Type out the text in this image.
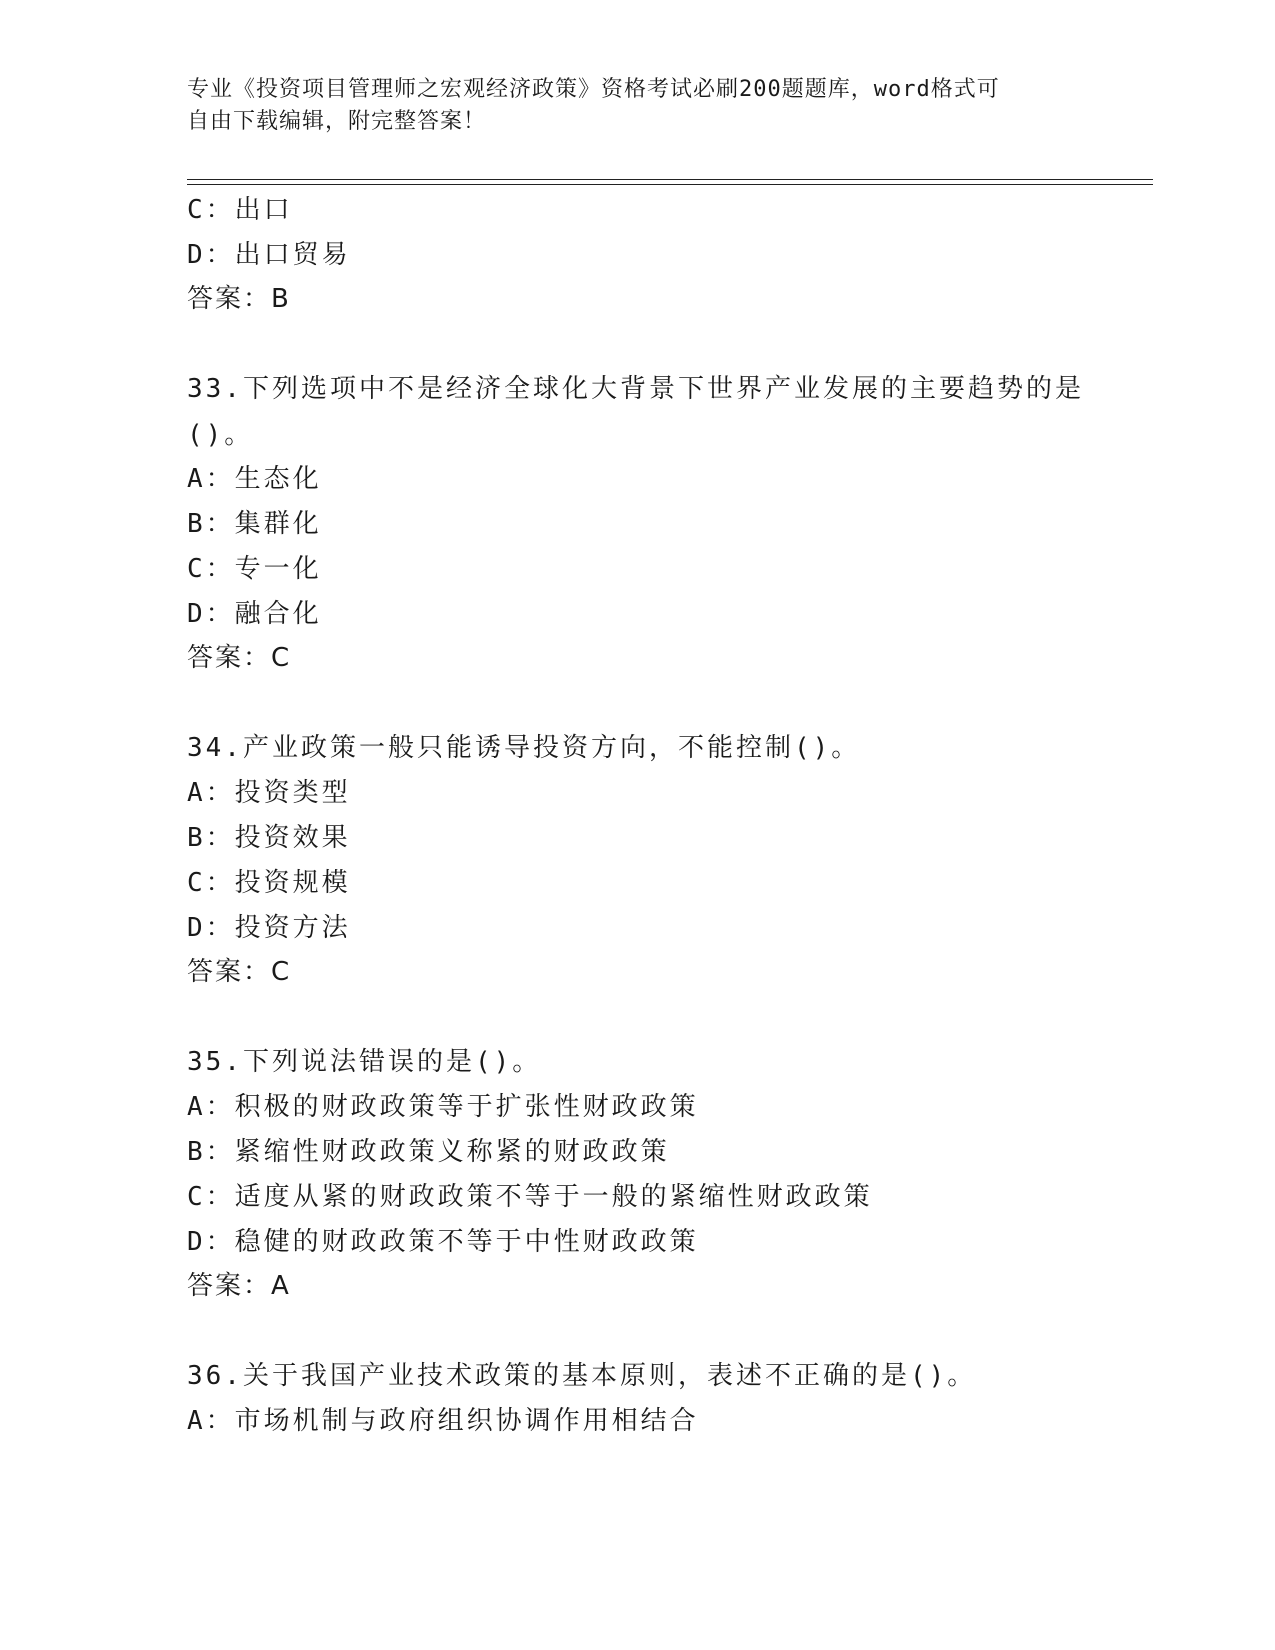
专业《投资项目管理师之宏观经济政策》资格考试必刷200题题库，word格式可
自由下载编辑，附完整答案！
C：出口
D：出口贸易
答案：B
33.下列选项中不是经济全球化大背景下世界产业发展的主要趋势的是
()。
A：生态化
B：集群化
C：专一化
D：融合化
答案：C
34.产业政策一般只能诱导投资方向，不能控制()。
A：投资类型
B：投资效果
C：投资规模
D：投资方法
答案：C
35.下列说法错误的是()。
A：积极的财政政策等于扩张性财政政策
B：紧缩性财政政策义称紧的财政政策
C：适度从紧的财政政策不等于一般的紧缩性财政政策
D：稳健的财政政策不等于中性财政政策
答案：A
36.关于我国产业技术政策的基本原则，表述不正确的是()。
A：市场机制与政府组织协调作用相结合
